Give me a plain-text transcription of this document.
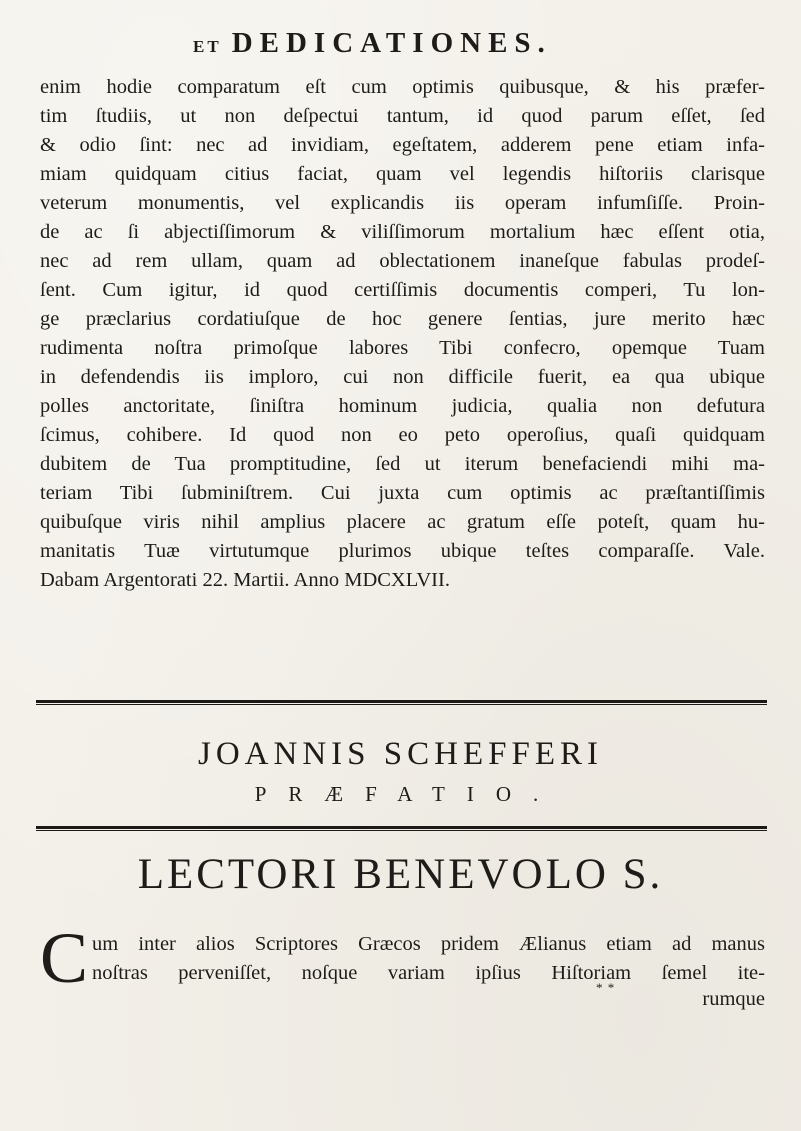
ET DEDICATIONES.
enim hodie comparatum eſt cum optimis quibusque, & his præfer-
tim ſtudiis, ut non deſpectui tantum, id quod parum eſſet, ſed
& odio ſint: nec ad invidiam, egeſtatem, adderem pene etiam infa-
miam quidquam citius faciat, quam vel legendis hiſtoriis clarisque
veterum monumentis, vel explicandis iis operam infumſiſſe. Proin-
de ac ſi abjectiſſimorum & viliſſimorum mortalium hæc eſſent otia,
nec ad rem ullam, quam ad oblectationem inaneſque fabulas prodeſ-
ſent. Cum igitur, id quod certiſſimis documentis comperi, Tu lon-
ge præclarius cordatiuſque de hoc genere ſentias, jure merito hæc
rudimenta noſtra primoſque labores Tibi confecro, opemque Tuam
in defendendis iis imploro, cui non difficile fuerit, ea qua ubique
polles anctoritate, ſiniſtra hominum judicia, qualia non defutura
ſcimus, cohibere. Id quod non eo peto operoſius, quaſi quidquam
dubitem de Tua promptitudine, ſed ut iterum benefaciendi mihi ma-
teriam Tibi ſubminiſtrem. Cui juxta cum optimis ac præſtantiſſimis
quibuſque viris nihil amplius placere ac gratum eſſe poteſt, quam hu-
manitatis Tuæ virtutumque plurimos ubique teſtes comparaſſe. Vale.
Dabam Argentorati 22. Martii. Anno MDCXLVII.
JOANNIS SCHEFFERI
PRÆFATIO.
LECTORI BENEVOLO S.
C um inter alios Scriptores Græcos pridem Ælianus etiam ad manus
noſtras perveniſſet, noſque variam ipſius Hiſtoriam ſemel ite-
* *
rumque
